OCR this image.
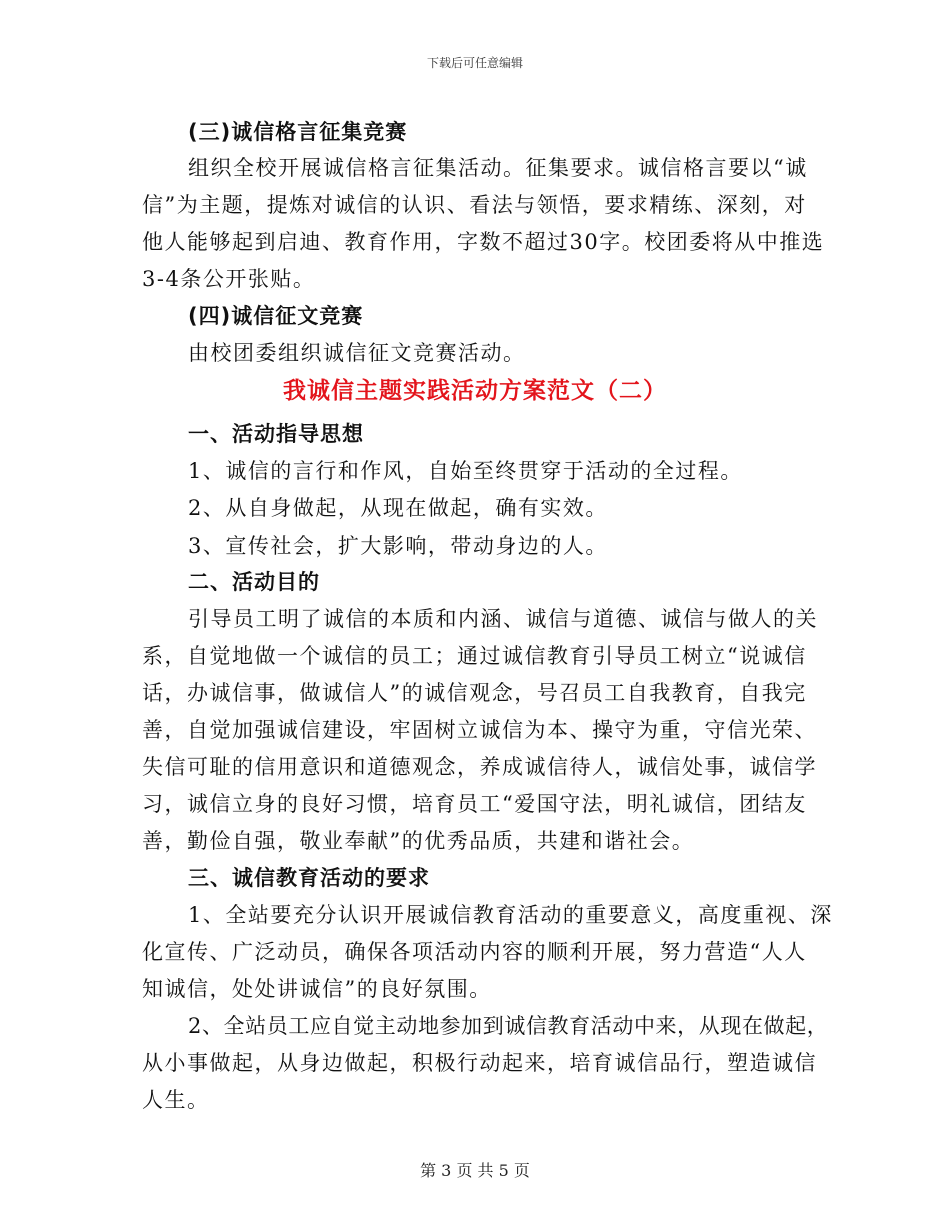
下载后可任意编辑
(三)诚信格言征集竞赛
组织全校开展诚信格言征集活动。征集要求。诚信格言要以“诚
信”为主题，提炼对诚信的认识、看法与领悟，要求精练、深刻，对
他人能够起到启迪、教育作用，字数不超过30字。校团委将从中推选
3-4条公开张贴。
(四)诚信征文竞赛
由校团委组织诚信征文竞赛活动。
我诚信主题实践活动方案范文（二）
一、活动指导思想
1、诚信的言行和作风，自始至终贯穿于活动的全过程。
2、从自身做起，从现在做起，确有实效。
3、宣传社会，扩大影响，带动身边的人。
二、活动目的
引导员工明了诚信的本质和内涵、诚信与道德、诚信与做人的关
系，自觉地做一个诚信的员工；通过诚信教育引导员工树立“说诚信
话，办诚信事，做诚信人”的诚信观念，号召员工自我教育，自我完
善，自觉加强诚信建设，牢固树立诚信为本、操守为重，守信光荣、
失信可耻的信用意识和道德观念，养成诚信待人，诚信处事，诚信学
习，诚信立身的良好习惯，培育员工“爱国守法，明礼诚信，团结友
善，勤俭自强，敬业奉献”的优秀品质，共建和谐社会。
三、诚信教育活动的要求
1、全站要充分认识开展诚信教育活动的重要意义，高度重视、深
化宣传、广泛动员，确保各项活动内容的顺利开展，努力营造“人人
知诚信，处处讲诚信”的良好氛围。
2、全站员工应自觉主动地参加到诚信教育活动中来，从现在做起，
从小事做起，从身边做起，积极行动起来，培育诚信品行，塑造诚信
人生。
第 3 页 共 5 页
